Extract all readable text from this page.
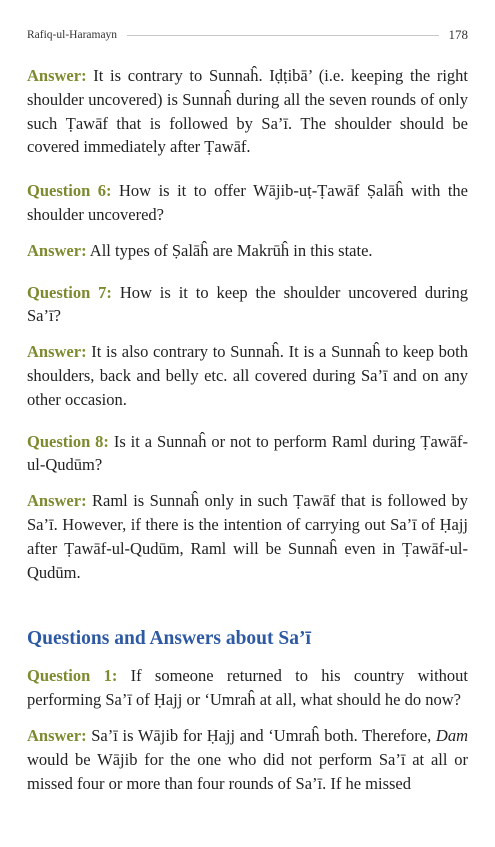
Rafiq-ul-Haramayn	178

Answer: It is contrary to Sunnaĥ. Iḍṭibā’ (i.e. keeping the right shoulder uncovered) is Sunnaĥ during all the seven rounds of only such Ṭawāf that is followed by Sa’ī. The shoulder should be covered immediately after Ṭawāf.

Question 6: How is it to offer Wājib-uṭ-Ṭawāf Ṣalāĥ with the shoulder uncovered?

Answer: All types of Ṣalāĥ are Makrūĥ in this state.

Question 7: How is it to keep the shoulder uncovered during Sa’ī?

Answer: It is also contrary to Sunnaĥ. It is a Sunnaĥ to keep both shoulders, back and belly etc. all covered during Sa’ī and on any other occasion.

Question 8: Is it a Sunnaĥ or not to perform Raml during Ṭawāf-ul-Qudūm?

Answer: Raml is Sunnaĥ only in such Ṭawāf that is followed by Sa’ī. However, if there is the intention of carrying out Sa’ī of Ḥajj after Ṭawāf-ul-Qudūm, Raml will be Sunnaĥ even in Ṭawāf-ul-Qudūm.

Questions and Answers about Sa’ī

Question 1: If someone returned to his country without performing Sa’ī of Ḥajj or ‘Umraĥ at all, what should he do now?

Answer: Sa’ī is Wājib for Ḥajj and ‘Umraĥ both. Therefore, Dam would be Wājib for the one who did not perform Sa’ī at all or missed four or more than four rounds of Sa’ī. If he missed
